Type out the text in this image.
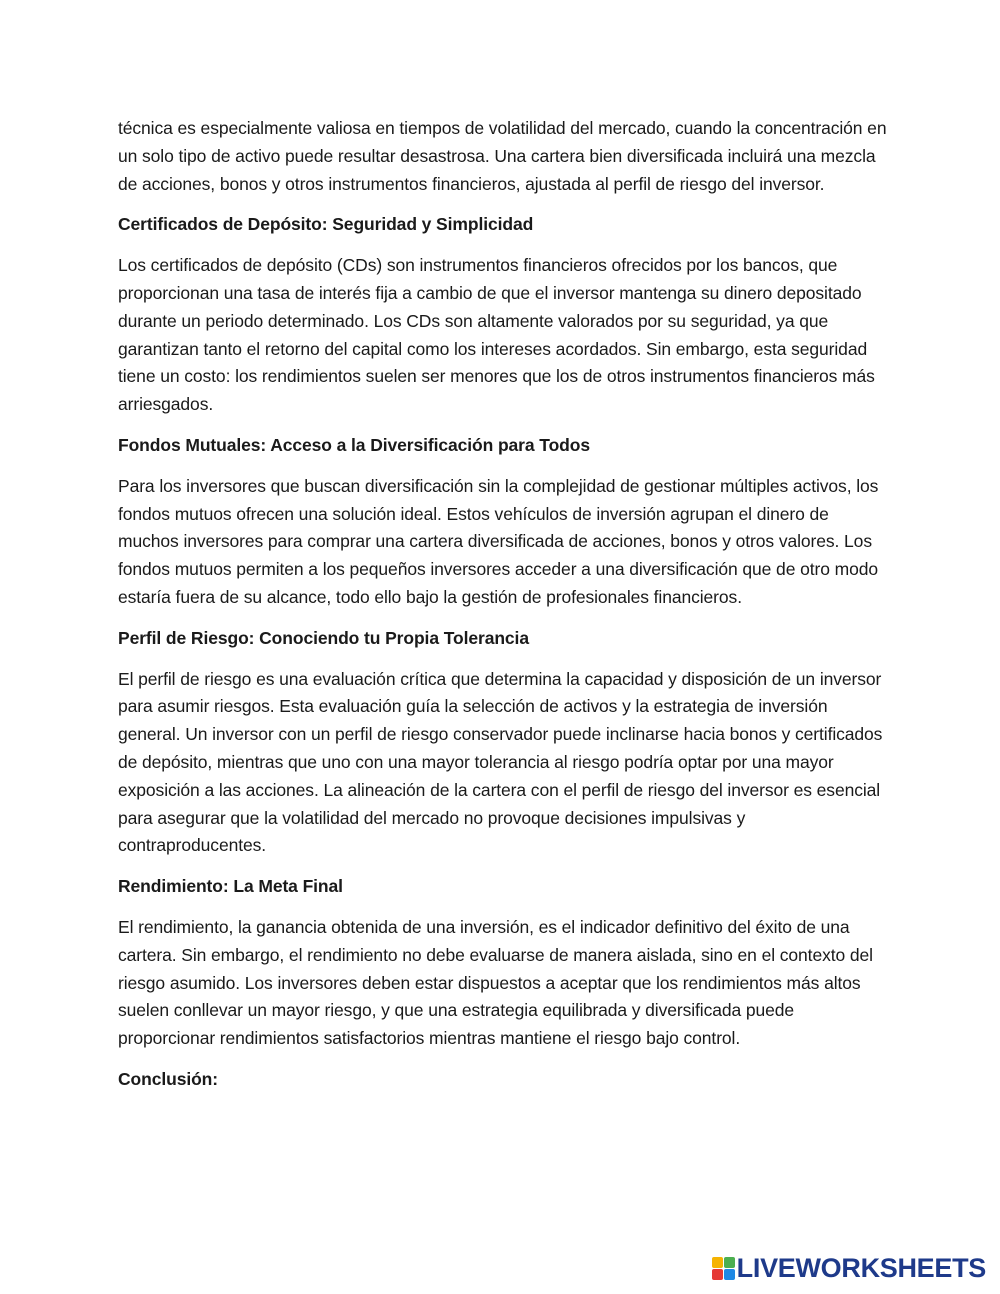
técnica es especialmente valiosa en tiempos de volatilidad del mercado, cuando la concentración en un solo tipo de activo puede resultar desastrosa. Una cartera bien diversificada incluirá una mezcla de acciones, bonos y otros instrumentos financieros, ajustada al perfil de riesgo del inversor.

Certificados de Depósito: Seguridad y Simplicidad

Los certificados de depósito (CDs) son instrumentos financieros ofrecidos por los bancos, que proporcionan una tasa de interés fija a cambio de que el inversor mantenga su dinero depositado durante un periodo determinado. Los CDs son altamente valorados por su seguridad, ya que garantizan tanto el retorno del capital como los intereses acordados. Sin embargo, esta seguridad tiene un costo: los rendimientos suelen ser menores que los de otros instrumentos financieros más arriesgados.

Fondos Mutuales: Acceso a la Diversificación para Todos

Para los inversores que buscan diversificación sin la complejidad de gestionar múltiples activos, los fondos mutuos ofrecen una solución ideal. Estos vehículos de inversión agrupan el dinero de muchos inversores para comprar una cartera diversificada de acciones, bonos y otros valores. Los fondos mutuos permiten a los pequeños inversores acceder a una diversificación que de otro modo estaría fuera de su alcance, todo ello bajo la gestión de profesionales financieros.

Perfil de Riesgo: Conociendo tu Propia Tolerancia

El perfil de riesgo es una evaluación crítica que determina la capacidad y disposición de un inversor para asumir riesgos. Esta evaluación guía la selección de activos y la estrategia de inversión general. Un inversor con un perfil de riesgo conservador puede inclinarse hacia bonos y certificados de depósito, mientras que uno con una mayor tolerancia al riesgo podría optar por una mayor exposición a las acciones. La alineación de la cartera con el perfil de riesgo del inversor es esencial para asegurar que la volatilidad del mercado no provoque decisiones impulsivas y contraproducentes.

Rendimiento: La Meta Final

El rendimiento, la ganancia obtenida de una inversión, es el indicador definitivo del éxito de una cartera. Sin embargo, el rendimiento no debe evaluarse de manera aislada, sino en el contexto del riesgo asumido. Los inversores deben estar dispuestos a aceptar que los rendimientos más altos suelen conllevar un mayor riesgo, y que una estrategia equilibrada y diversificada puede proporcionar rendimientos satisfactorios mientras mantiene el riesgo bajo control.

Conclusión:

LIVEWORKSHEETS
